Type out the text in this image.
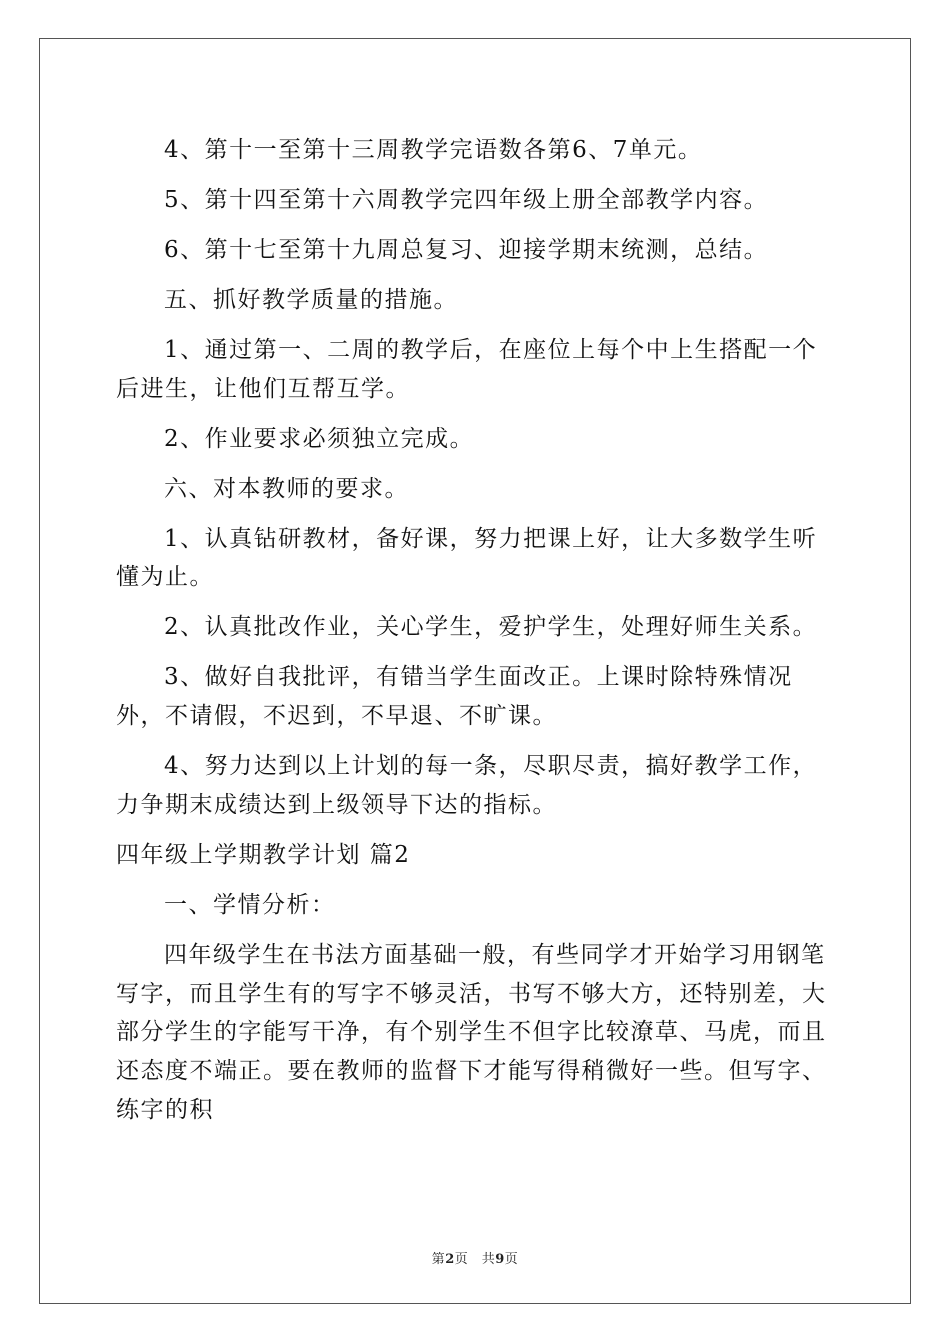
4、第十一至第十三周教学完语数各第6、7单元。

5、第十四至第十六周教学完四年级上册全部教学内容。

6、第十七至第十九周总复习、迎接学期末统测，总结。

五、抓好教学质量的措施。

1、通过第一、二周的教学后，在座位上每个中上生搭配一个后进生，让他们互帮互学。

2、作业要求必须独立完成。

六、对本教师的要求。

1、认真钻研教材，备好课，努力把课上好，让大多数学生听懂为止。

2、认真批改作业，关心学生，爱护学生，处理好师生关系。

3、做好自我批评，有错当学生面改正。上课时除特殊情况外，不请假，不迟到，不早退、不旷课。

4、努力达到以上计划的每一条，尽职尽责，搞好教学工作，力争期末成绩达到上级领导下达的指标。

四年级上学期教学计划 篇2

一、学情分析：

四年级学生在书法方面基础一般，有些同学才开始学习用钢笔写字，而且学生有的写字不够灵活，书写不够大方，还特别差，大部分学生的字能写干净，有个别学生不但字比较潦草、马虎，而且还态度不端正。要在教师的监督下才能写得稍微好一些。但写字、练字的积

第2页　共9页
